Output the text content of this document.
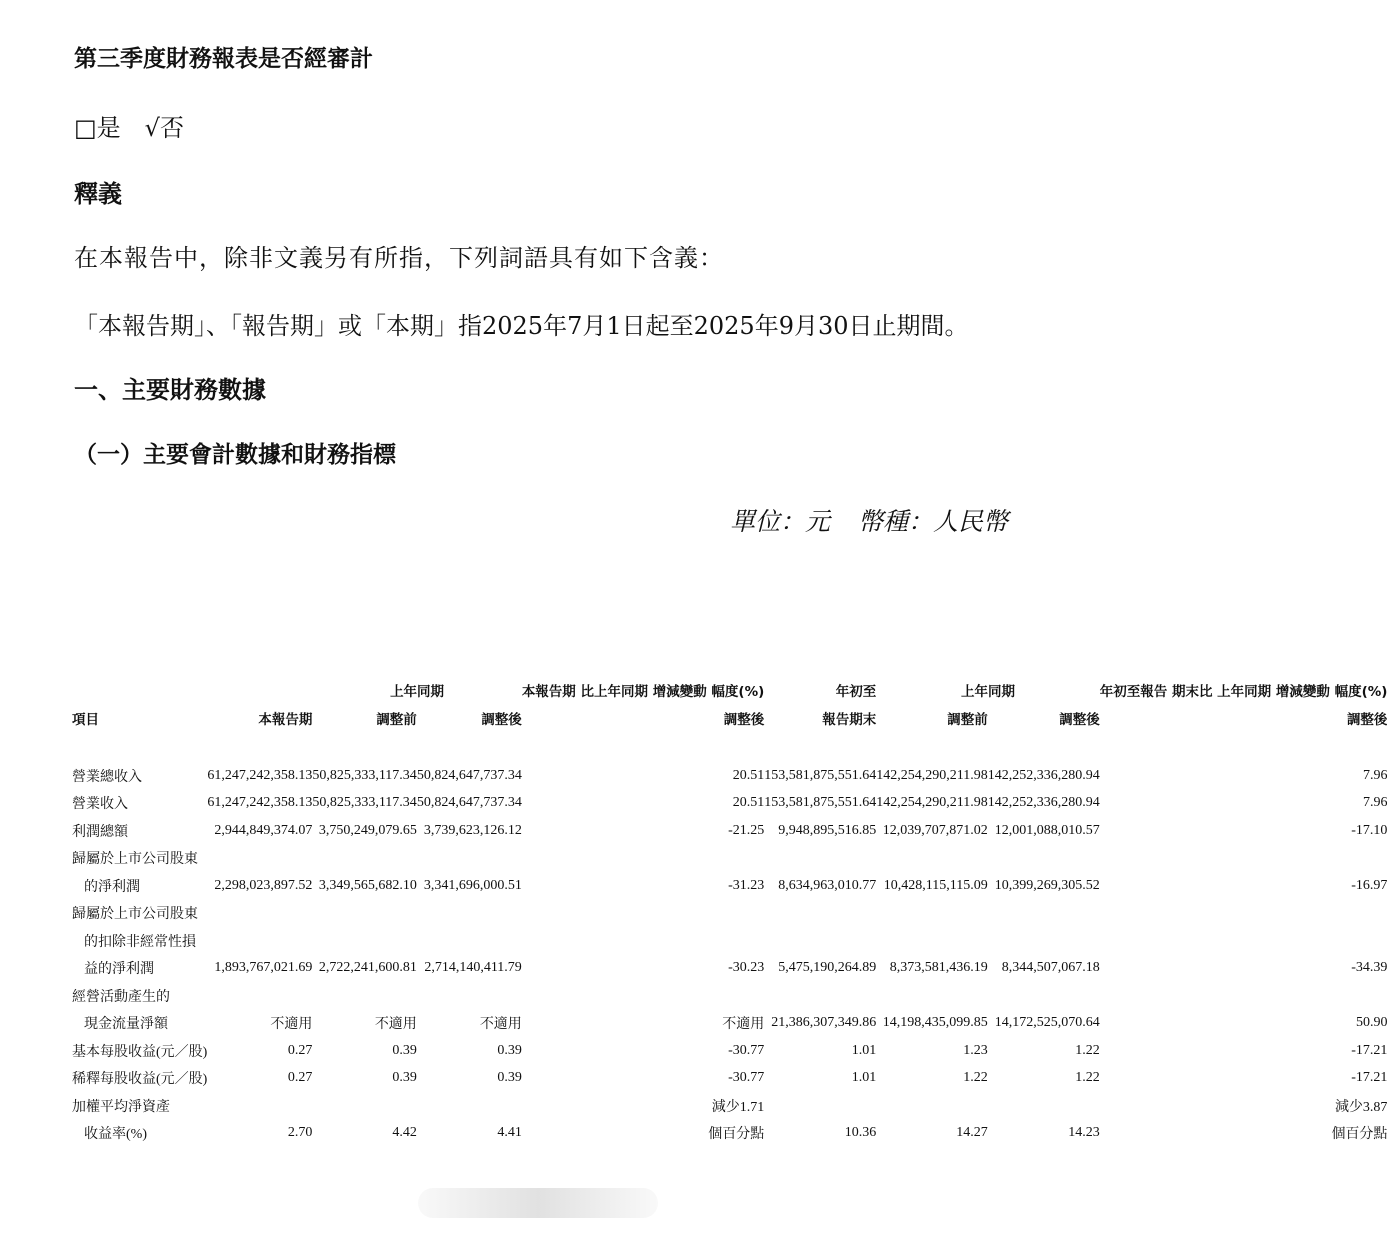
第三季度財務報表是否經審計
□是　√否
釋義
在本報告中，除非文義另有所指，下列詞語具有如下含義：
「本報告期」、「報告期」或「本期」指2025年7月1日起至2025年9月30日止期間。
一、主要財務數據
（一）主要會計數據和財務指標
單位：元 幣種：人民幣
		上年同期		本報告期 比上年同期 增減變動 幅度(%)	年初至	上年同期		年初至報告 期末比 上年同期 增減變動 幅度(%)
項目	本報告期	調整前	調整後	調整後	報告期末	調整前	調整後	調整後

營業總收入	61,247,242,358.13	50,825,333,117.34	50,824,647,737.34	20.51	153,581,875,551.64	142,254,290,211.98	142,252,336,280.94	7.96
營業收入	61,247,242,358.13	50,825,333,117.34	50,824,647,737.34	20.51	153,581,875,551.64	142,254,290,211.98	142,252,336,280.94	7.96
利潤總額	2,944,849,374.07	3,750,249,079.65	3,739,623,126.12	-21.25	9,948,895,516.85	12,039,707,871.02	12,001,088,010.57	-17.10
歸屬於上市公司股東								
的淨利潤	2,298,023,897.52	3,349,565,682.10	3,341,696,000.51	-31.23	8,634,963,010.77	10,428,115,115.09	10,399,269,305.52	-16.97
歸屬於上市公司股東								
的扣除非經常性損								
益的淨利潤	1,893,767,021.69	2,722,241,600.81	2,714,140,411.79	-30.23	5,475,190,264.89	8,373,581,436.19	8,344,507,067.18	-34.39
經營活動產生的								
現金流量淨額	不適用	不適用	不適用	不適用	21,386,307,349.86	14,198,435,099.85	14,172,525,070.64	50.90
基本每股收益(元／股)	0.27	0.39	0.39	-30.77	1.01	1.23	1.22	-17.21
稀釋每股收益(元／股)	0.27	0.39	0.39	-30.77	1.01	1.22	1.22	-17.21
加權平均淨資產				減少1.71				減少3.87
收益率(%)	2.70	4.42	4.41	個百分點	10.36	14.27	14.23	個百分點
